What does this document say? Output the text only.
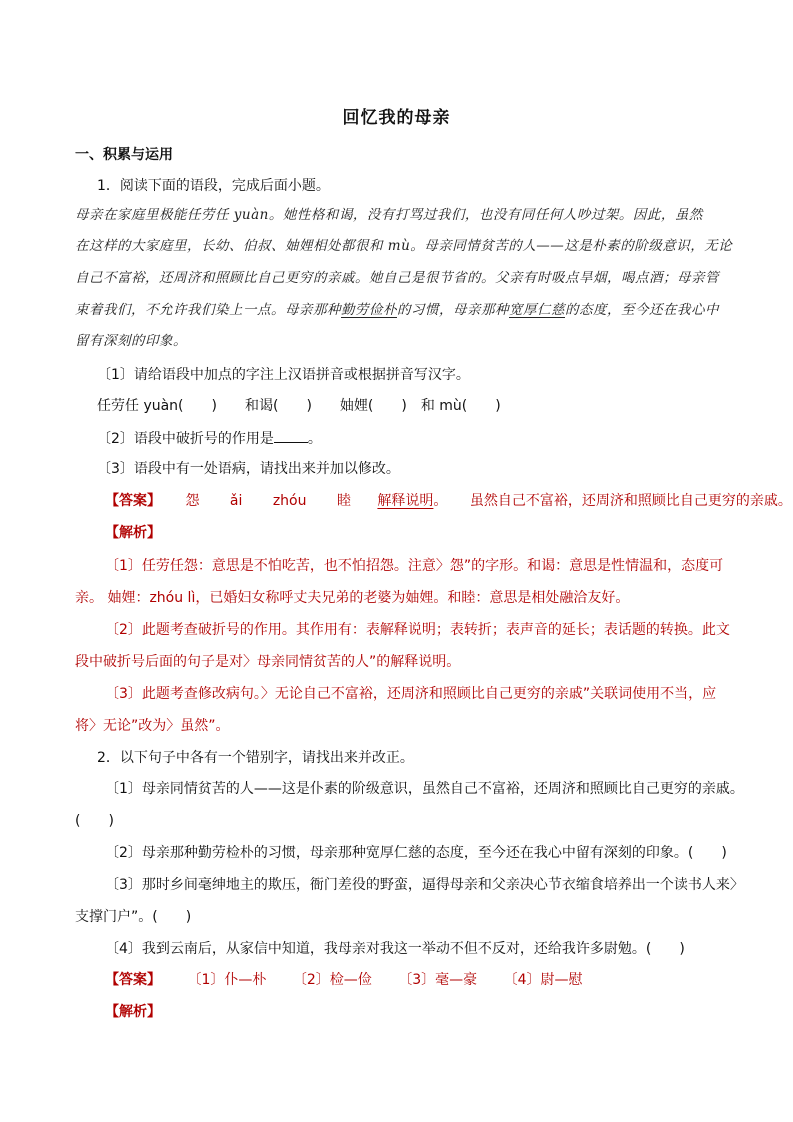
回忆我的母亲
一、积累与运用
1．阅读下面的语段，完成后面小题。
母亲在家庭里极能任劳任 yuàn。她性格和谒，没有打骂过我们，也没有同任何人吵过架。因此，虽然
在这样的大家庭里，长幼、伯叔、妯娌相处都很和 mù。母亲同情贫苦的人——这是朴素的阶级意识，无论
自己不富裕，还周济和照顾比自己更穷的亲戚。她自己是很节省的。父亲有时吸点旱烟，喝点酒；母亲管
束着我们，不允许我们染上一点。母亲那种勤劳俭朴的习惯，母亲那种宽厚仁慈的态度，至今还在我心中
留有深刻的印象。
〔1〕请给语段中加点的字注上汉语拼音或根据拼音写汉字。
任劳任 yuàn(　　)　　和谒(　　)　　妯娌(　　)　和 mù(　　)
〔2〕语段中破折号的作用是 。
〔3〕语段中有一处语病，请找出来并加以修改。
【答案】 怨 ǎi zhóu 睦 解释说明。 虽然自己不富裕，还周济和照顾比自己更穷的亲戚。
【解析】
〔1〕任劳任怨：意思是不怕吃苦，也不怕招怨。注意〉怨”的字形。和谒：意思是性情温和，态度可
亲。 妯娌：zhóu lì，已婚妇女称呼丈夫兄弟的老婆为妯娌。和睦：意思是相处融洽友好。
〔2〕此题考查破折号的作用。其作用有：表解释说明；表转折；表声音的延长；表话题的转换。此文
段中破折号后面的句子是对〉母亲同情贫苦的人”的解释说明。
〔3〕此题考查修改病句。〉无论自己不富裕，还周济和照顾比自己更穷的亲戚”关联词使用不当，应
将〉无论”改为〉虽然”。
2．以下句子中各有一个错别字，请找出来并改正。
〔1〕母亲同情贫苦的人——这是仆素的阶级意识，虽然自己不富裕，还周济和照顾比自己更穷的亲戚。
(　　)
〔2〕母亲那种勤劳检朴的习惯，母亲那种宽厚仁慈的态度，至今还在我心中留有深刻的印象。(　　)
〔3〕那时乡间毫绅地主的欺压，衙门差役的野蛮，逼得母亲和父亲决心节衣缩食培养出一个读书人来〉
支撑门户”。(　　)
〔4〕我到云南后，从家信中知道，我母亲对我这一举动不但不反对，还给我许多尉勉。(　　)
【答案】 〔1〕仆—朴 〔2〕检—俭 〔3〕毫—豪 〔4〕尉—慰
【解析】
